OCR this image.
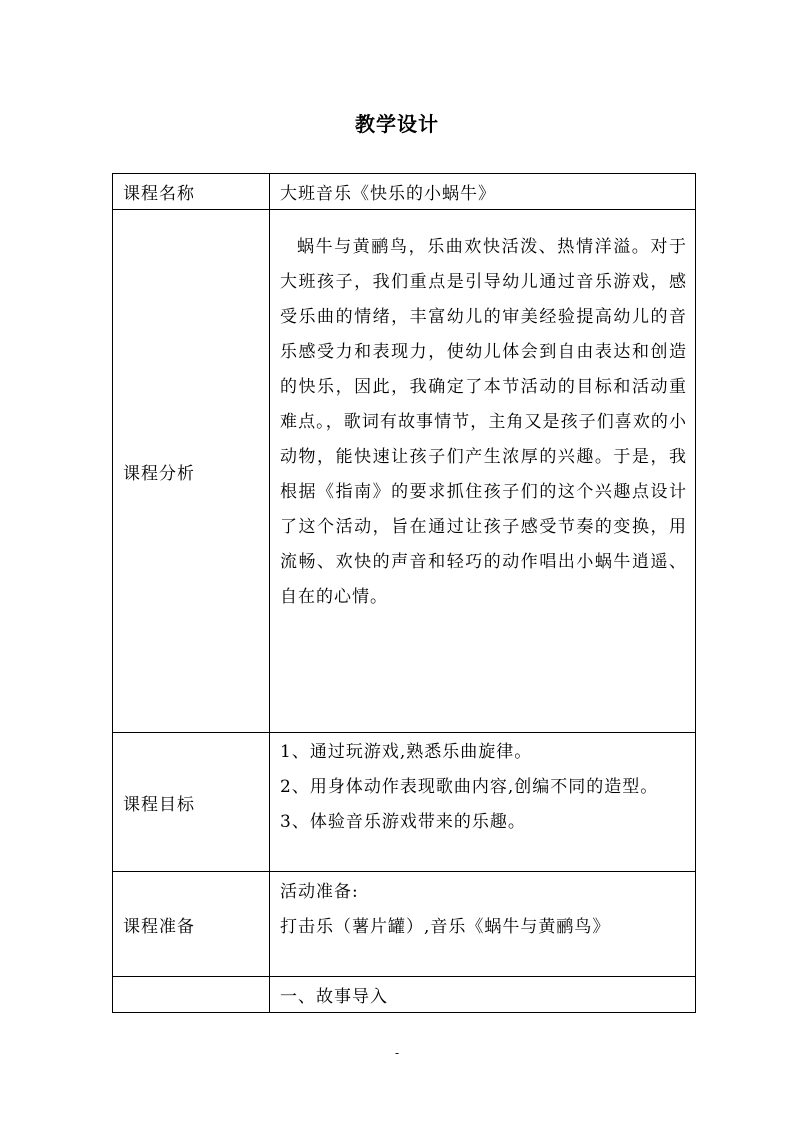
教学设计
课程名称	大班音乐《快乐的小蜗牛》
课程分析	蜗牛与黄鹂鸟，乐曲欢快活泼、热情洋溢。对于大班孩子，我们重点是引导幼儿通过音乐游戏，感受乐曲的情绪，丰富幼儿的审美经验提高幼儿的音乐感受力和表现力，使幼儿体会到自由表达和创造的快乐，因此，我确定了本节活动的目标和活动重难点。，歌词有故事情节，主角又是孩子们喜欢的小动物，能快速让孩子们产生浓厚的兴趣。于是，我根据《指南》的要求抓住孩子们的这个兴趣点设计了这个活动，旨在通过让孩子感受节奏的变换，用流畅、欢快的声音和轻巧的动作唱出小蜗牛逍遥、自在的心情。

课程目标	1、通过玩游戏,熟悉乐曲旋律。
2、用身体动作表现歌曲内容,创编不同的造型。
3、体验音乐游戏带来的乐趣。

课程准备	活动准备:
打击乐（薯片罐）,音乐《蜗牛与黄鹂鸟》

	一、故事导入
-
